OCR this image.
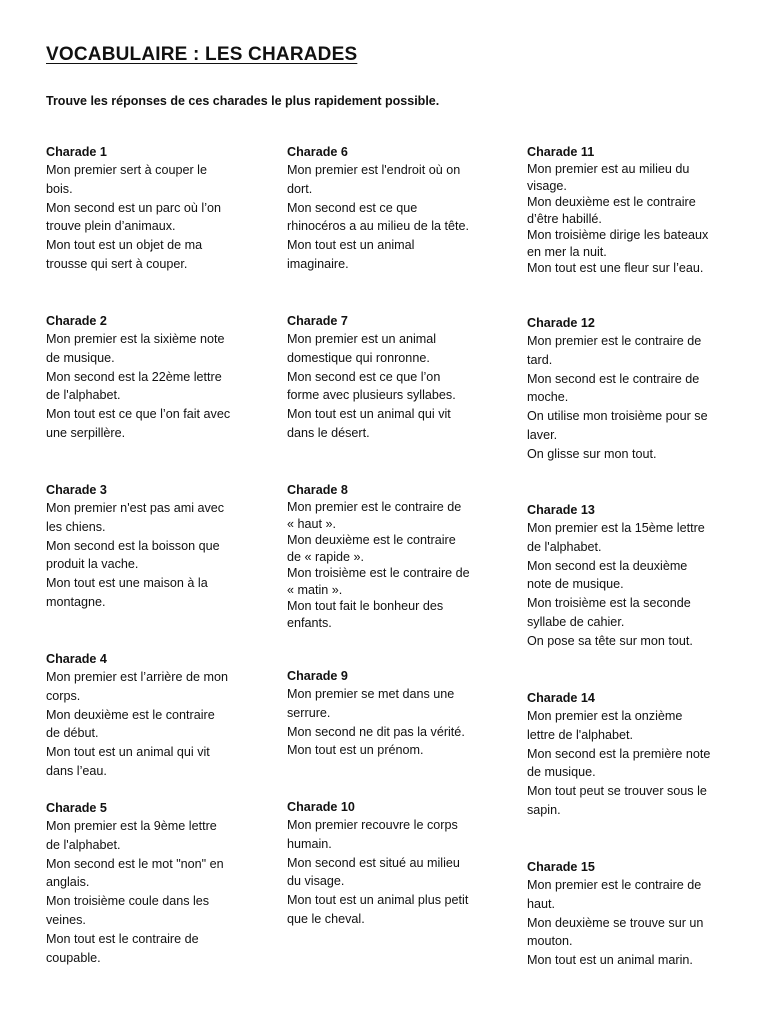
VOCABULAIRE : LES CHARADES

Trouve les réponses de ces charades le plus rapidement possible.

Charade 1
Mon premier sert à couper le
bois.
Mon second est un parc où l’on
trouve plein d’animaux.
Mon tout est un objet de ma
trousse qui sert à couper.
Charade 2
Mon premier est la sixième note
de musique.
Mon second est la 22ème lettre
de l'alphabet.
Mon tout est ce que l’on fait avec
une serpillère.
Charade 3
Mon premier n'est pas ami avec
les chiens.
Mon second est la boisson que
produit la vache.
Mon tout est une maison à la
montagne.
Charade 4
Mon premier est l’arrière de mon
corps.
Mon deuxième est le contraire
de début.
Mon tout est un animal qui vit
dans l’eau.
Charade 5
Mon premier est la 9ème lettre
de l'alphabet.
Mon second est le mot "non" en
anglais.
Mon troisième coule dans les
veines.
Mon tout est le contraire de
coupable.
Charade 6
Mon premier est l'endroit où on
dort.
Mon second est ce que
rhinocéros a au milieu de la tête.
Mon tout est un animal
imaginaire.
Charade 7
Mon premier est un animal
domestique qui ronronne.
Mon second est ce que l’on
forme avec plusieurs syllabes.
Mon tout est un animal qui vit
dans le désert.
Charade 8
Mon premier est le contraire de
« haut ».
Mon deuxième est le contraire
de « rapide ».
Mon troisième est le contraire de
« matin ».
Mon tout fait le bonheur des
enfants.
Charade 9
Mon premier se met dans une
serrure.
Mon second ne dit pas la vérité.
Mon tout est un prénom.
Charade 10
Mon premier recouvre le corps
humain.
Mon second est situé au milieu
du visage.
Mon tout est un animal plus petit
que le cheval.
Charade 11
Mon premier est au milieu du
visage.
Mon deuxième est le contraire
d’être habillé.
Mon troisième dirige les bateaux
en mer la nuit.
Mon tout est une fleur sur l’eau.
Charade 12
Mon premier est le contraire de
tard.
Mon second est le contraire de
moche.
On utilise mon troisième pour se
laver.
On glisse sur mon tout.
Charade 13
Mon premier est la 15ème lettre
de l'alphabet.
Mon second est la deuxième
note de musique.
Mon troisième est la seconde
syllabe de cahier.
On pose sa tête sur mon tout.
Charade 14
Mon premier est la onzième
lettre de l'alphabet.
Mon second est la première note
de musique.
Mon tout peut se trouver sous le
sapin.
Charade 15
Mon premier est le contraire de
haut.
Mon deuxième se trouve sur un
mouton.
Mon tout est un animal marin.
